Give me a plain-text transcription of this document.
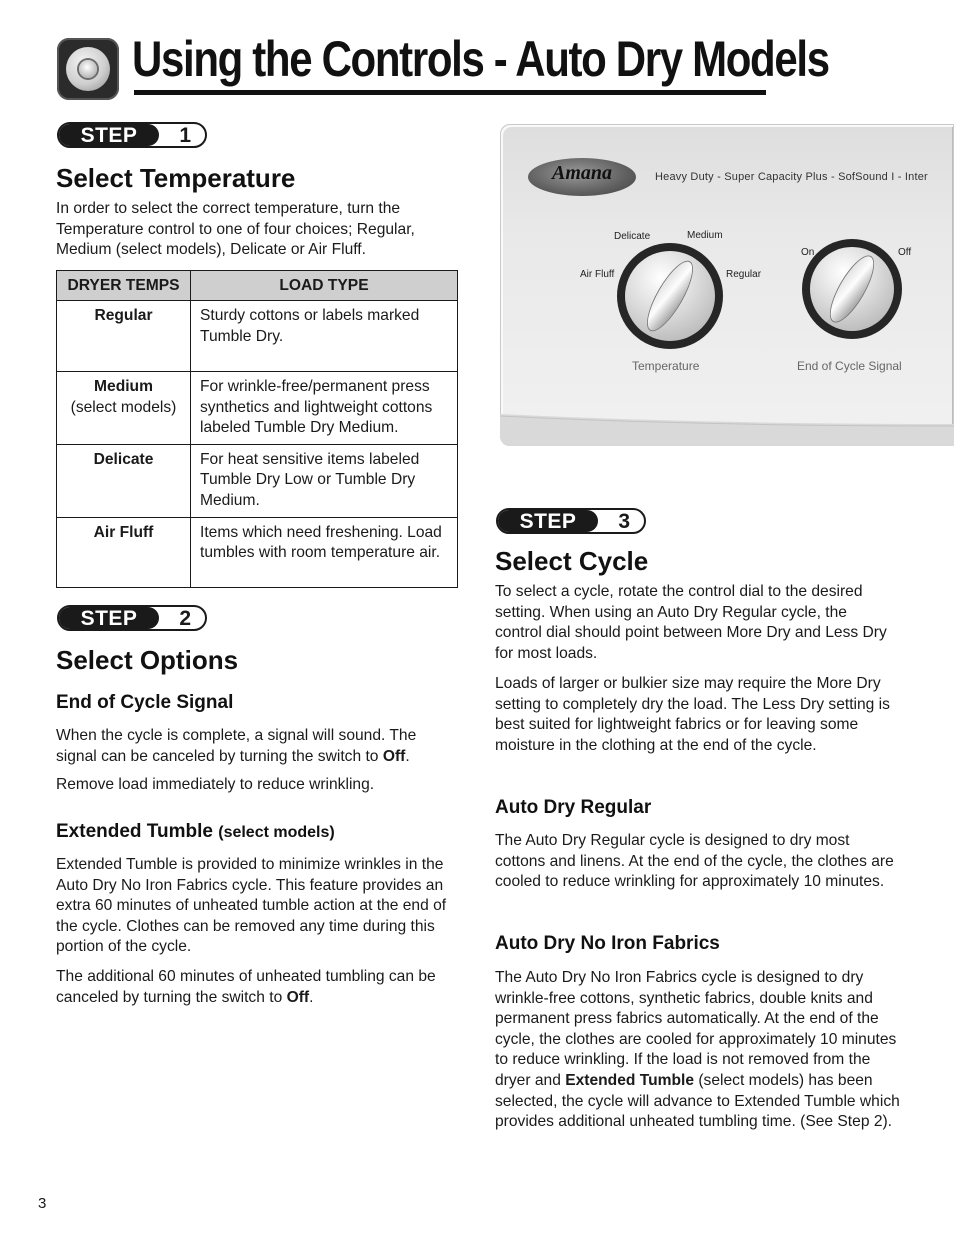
Using the Controls - Auto Dry Models
STEP	1
Select Temperature

In order to select the correct temperature, turn the Temperature control to one of four choices; Regular, Medium (select models), Delicate or Air Fluff.

DRYER TEMPS	LOAD TYPE

Regular	Sturdy cottons or labels marked Tumble Dry.

Medium
(select models)	For wrinkle-free/permanent press synthetics and lightweight cottons labeled Tumble Dry Medium.

Delicate	For heat sensitive items labeled Tumble Dry Low or Tumble Dry Medium.

Air Fluff	Items which need freshening. Load tumbles with room temperature air.
STEP	2
Select Options
End of Cycle Signal

When the cycle is complete, a signal will sound. The signal can be canceled by turning the switch to Off.

Remove load immediately to reduce wrinkling.

Extended Tumble (select models)

Extended Tumble is provided to minimize wrinkles in the Auto Dry No Iron Fabrics cycle. This feature provides an extra 60 minutes of unheated tumble action at the end of the cycle. Clothes can be removed any time during this portion of the cycle.

The additional 60 minutes of unheated tumbling can be canceled by turning the switch to Off.

Amana	Heavy Duty - Super Capacity Plus - SofSound I - Inter
Delicate	Medium
Air Fluff	Regular
Temperature
On	Off
End of Cycle Signal
STEP	3
Select Cycle

To select a cycle, rotate the control dial to the desired setting. When using an Auto Dry Regular cycle, the control dial should point between More Dry and Less Dry for most loads.

Loads of larger or bulkier size may require the More Dry setting to completely dry the load. The Less Dry setting is best suited for lightweight fabrics or for leaving some moisture in the clothing at the end of the cycle.

Auto Dry Regular

The Auto Dry Regular cycle is designed to dry most cottons and linens. At the end of the cycle, the clothes are cooled to reduce wrinkling for approximately 10 minutes.

Auto Dry No Iron Fabrics

The Auto Dry No Iron Fabrics cycle is designed to dry wrinkle-free cottons, synthetic fabrics, double knits and permanent press fabrics automatically. At the end of the cycle, the clothes are cooled for approximately 10 minutes to reduce wrinkling. If the load is not removed from the dryer and Extended Tumble (select models) has been selected, the cycle will advance to Extended Tumble which provides additional unheated tumbling time. (See Step 2).

3
